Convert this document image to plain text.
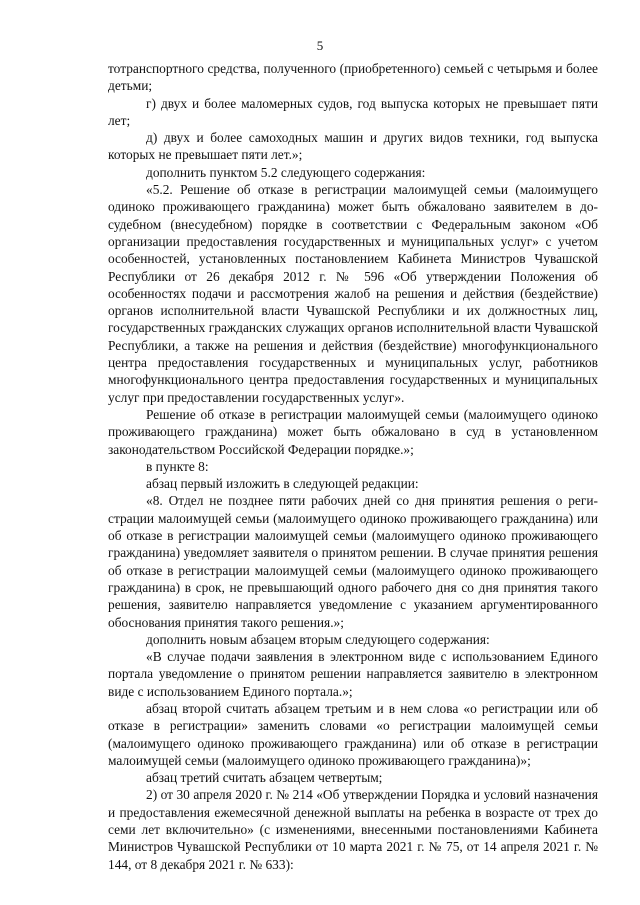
5

тотранспортного средства, полученного (приобретенного) семьей с четырьмя и более детьми;

г) двух и более маломерных судов, год выпуска которых не превышает пяти лет;

д) двух и более самоходных машин и других видов техники, год выпуска которых не превышает пяти лет.»;

дополнить пунктом 5.2 следующего содержания:

«5.2. Решение об отказе в регистрации малоимущей семьи (малоимущего одиноко проживающего гражданина) может быть обжаловано заявителем в досудебном (внесудебном) порядке в соответствии с Федеральным законом «Об организации предоставления государственных и муниципальных услуг» с учетом особенностей, установленных постановлением Кабинета Министров Чувашской Республики от 26 декабря 2012 г. № 596 «Об утверждении Положения об особенностях подачи и рассмотрения жалоб на решения и действия (бездействие) органов исполнительной власти Чувашской Республики и их должностных лиц, государственных гражданских служащих органов исполнительной власти Чувашской Республики, а также на решения и действия (бездействие) многофункционального центра предоставления государственных и муниципальных услуг, работников многофункционального центра предоставления государственных и муниципальных услуг при предоставлении государственных услуг».

Решение об отказе в регистрации малоимущей семьи (малоимущего одиноко проживающего гражданина) может быть обжаловано в суд в установленном законодательством Российской Федерации порядке.»;

в пункте 8:

абзац первый изложить в следующей редакции:

«8. Отдел не позднее пяти рабочих дней со дня принятия решения о регистрации малоимущей семьи (малоимущего одиноко проживающего гражданина) или об отказе в регистрации малоимущей семьи (малоимущего одиноко проживающего гражданина) уведомляет заявителя о принятом решении. В случае принятия решения об отказе в регистрации малоимущей семьи (малоимущего одиноко проживающего гражданина) в срок, не превышающий одного рабочего дня со дня принятия такого решения, заявителю направляется уведомление с указанием аргументированного обоснования принятия такого решения.»;

дополнить новым абзацем вторым следующего содержания:

«В случае подачи заявления в электронном виде с использованием Единого портала уведомление о принятом решении направляется заявителю в электронном виде с использованием Единого портала.»;

абзац второй считать абзацем третьим и в нем слова «о регистрации или об отказе в регистрации» заменить словами «о регистрации малоимущей семьи (малоимущего одиноко проживающего гражданина) или об отказе в регистрации малоимущей семьи (малоимущего одиноко проживающего гражданина)»;

абзац третий считать абзацем четвертым;

2) от 30 апреля 2020 г. № 214 «Об утверждении Порядка и условий назначения и предоставления ежемесячной денежной выплаты на ребенка в возрасте от трех до семи лет включительно» (с изменениями, внесенными постановлениями Кабинета Министров Чувашской Республики от 10 марта 2021 г. № 75, от 14 апреля 2021 г. № 144, от 8 декабря 2021 г. № 633):
